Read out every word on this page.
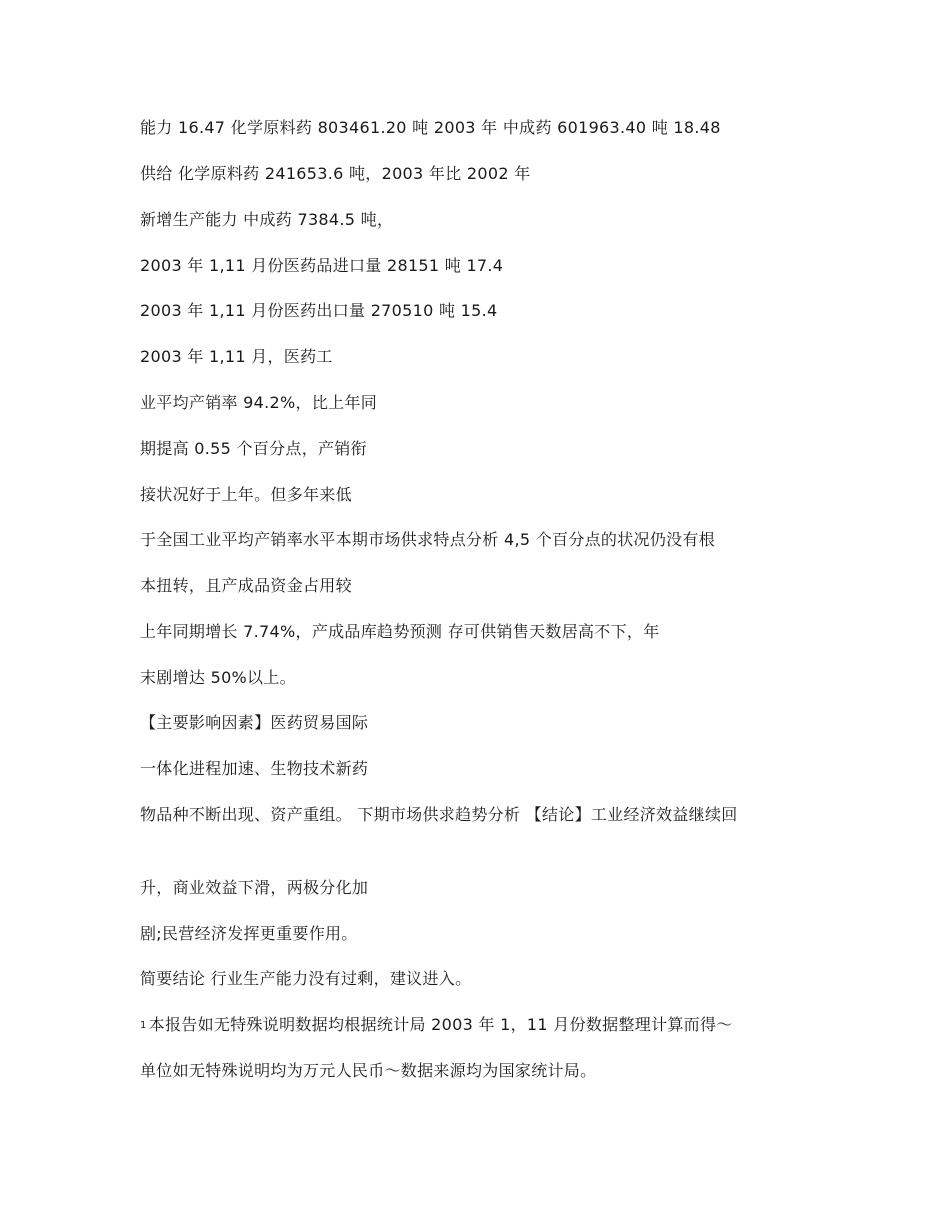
能力 16.47 化学原料药 803461.20 吨 2003 年 中成药 601963.40 吨 18.48
供给 化学原料药 241653.6 吨，2003 年比 2002 年
新增生产能力 中成药 7384.5 吨，
2003 年 1,11 月份医药品进口量 28151 吨 17.4
2003 年 1,11 月份医药出口量 270510 吨 15.4
2003 年 1,11 月，医药工
业平均产销率 94.2%，比上年同
期提高 0.55 个百分点，产销衔
接状况好于上年。但多年来低
于全国工业平均产销率水平本期市场供求特点分析 4,5 个百分点的状况仍没有根
本扭转，且产成品资金占用较
上年同期增长 7.74%，产成品库趋势预测 存可供销售天数居高不下，年
末剧增达 50%以上。
【主要影响因素】医药贸易国际
一体化进程加速、生物技术新药
物品种不断出现、资产重组。 下期市场供求趋势分析 【结论】工业经济效益继续回
升，商业效益下滑，两极分化加
剧;民营经济发挥更重要作用。
简要结论 行业生产能力没有过剩，建议进入。
$^1$ 本报告如无特殊说明数据均根据统计局 2003 年 1，11 月份数据整理计算而得～
单位如无特殊说明均为万元人民币～数据来源均为国家统计局。
